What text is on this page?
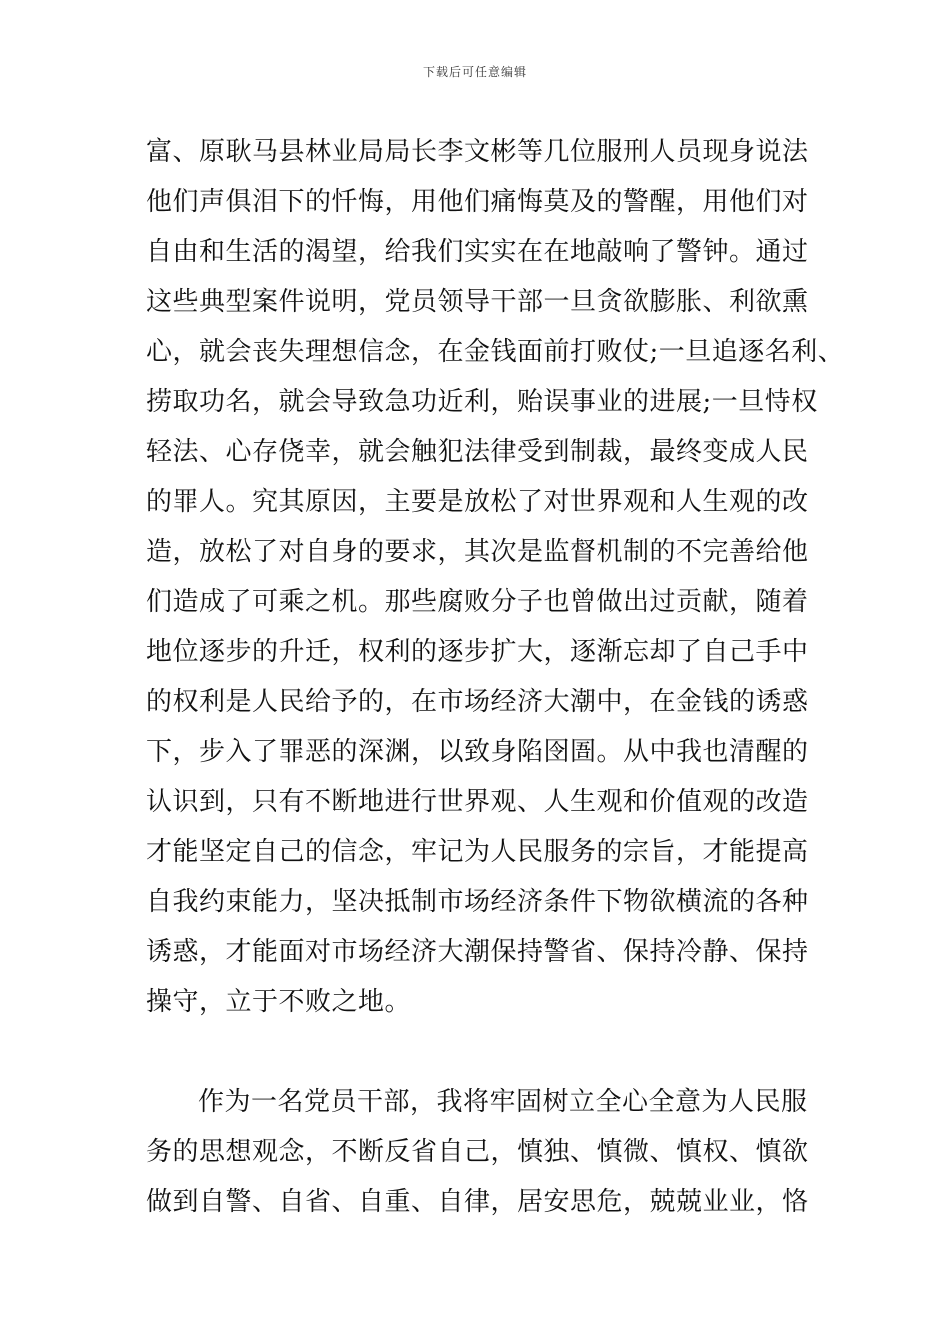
下载后可任意编辑
富、原耿马县林业局局长李文彬等几位服刑人员现身说法
他们声俱泪下的忏悔，用他们痛悔莫及的警醒，用他们对
自由和生活的渴望，给我们实实在在地敲响了警钟。通过
这些典型案件说明，党员领导干部一旦贪欲膨胀、利欲熏
心，就会丧失理想信念，在金钱面前打败仗;一旦追逐名利、
捞取功名，就会导致急功近利，贻误事业的进展;一旦恃权
轻法、心存侥幸，就会触犯法律受到制裁，最终变成人民
的罪人。究其原因，主要是放松了对世界观和人生观的改
造，放松了对自身的要求，其次是监督机制的不完善给他
们造成了可乘之机。那些腐败分子也曾做出过贡献，随着
地位逐步的升迁，权利的逐步扩大，逐渐忘却了自己手中
的权利是人民给予的，在市场经济大潮中，在金钱的诱惑
下，步入了罪恶的深渊，以致身陷囹圄。从中我也清醒的
认识到，只有不断地进行世界观、人生观和价值观的改造
才能坚定自己的信念，牢记为人民服务的宗旨，才能提高
自我约束能力，坚决抵制市场经济条件下物欲横流的各种
诱惑，才能面对市场经济大潮保持警省、保持冷静、保持
操守，立于不败之地。
作为一名党员干部，我将牢固树立全心全意为人民服
务的思想观念，不断反省自己，慎独、慎微、慎权、慎欲
做到自警、自省、自重、自律，居安思危，兢兢业业，恪
